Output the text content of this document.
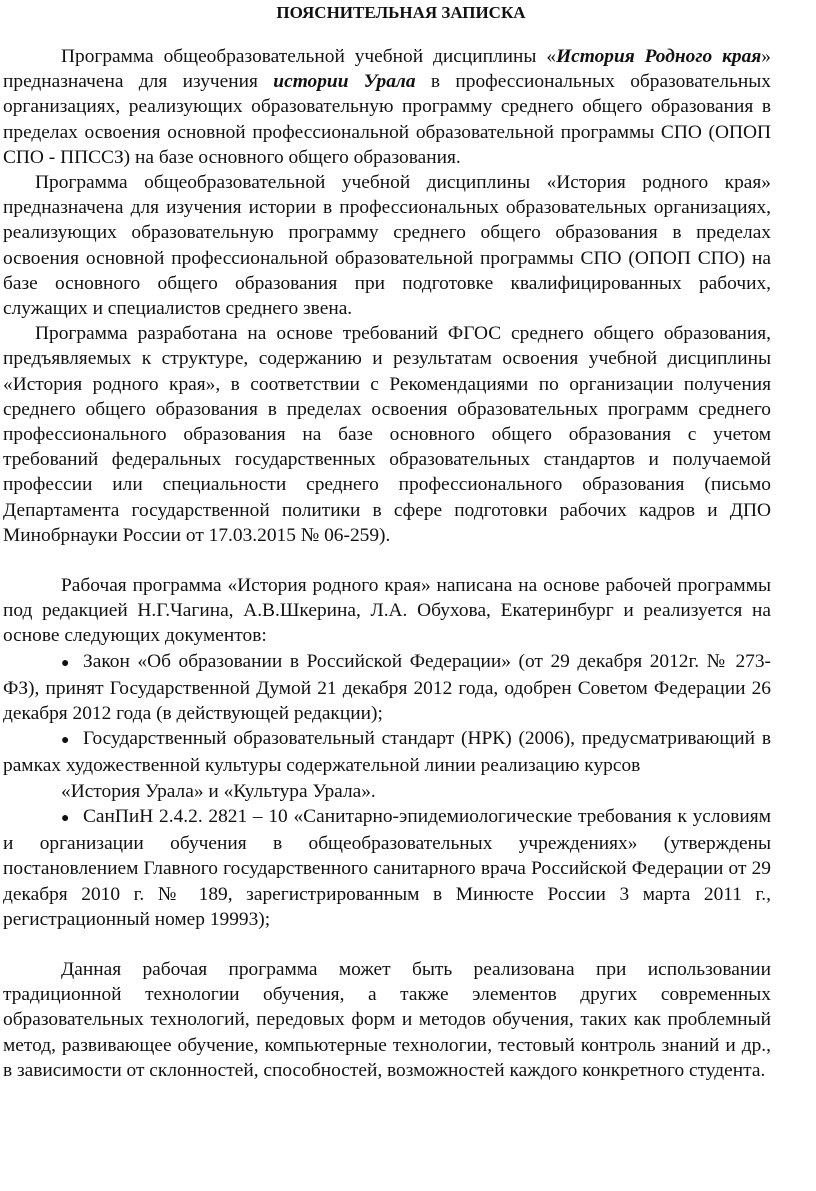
ПОЯСНИТЕЛЬНАЯ ЗАПИСКА

Программа общеобразовательной учебной дисциплины «История Родного края» предназначена для изучения истории Урала в профессиональных образовательных организациях, реализующих образовательную программу среднего общего образования в пределах освоения основной профессиональной образовательной программы СПО (ОПОП СПО - ППССЗ) на базе основного общего образования.

Программа общеобразовательной учебной дисциплины «История родного края» предназначена для изучения истории в профессиональных образовательных организациях, реализующих образовательную программу среднего общего образования в пределах освоения основной профессиональной образовательной программы СПО (ОПОП СПО) на базе основного общего образования при подготовке квалифицированных рабочих, служащих и специалистов среднего звена.

Программа разработана на основе требований ФГОС среднего общего образования, предъявляемых к структуре, содержанию и результатам освоения учебной дисциплины «История родного края», в соответствии с Рекомендациями по организации получения среднего общего образования в пределах освоения образовательных программ среднего профессионального образования на базе основного общего образования с учетом требований федеральных государственных образовательных стандартов и получаемой профессии или специальности среднего профессионального образования (письмо Департамента государственной политики в сфере подготовки рабочих кадров и ДПО Минобрнауки России от 17.03.2015 № 06-259).

Рабочая программа «История родного края» написана на основе рабочей программы под редакцией Н.Г.Чагина, А.В.Шкерина, Л.А. Обухова, Екатеринбург и реализуется на основе следующих документов:

● Закон «Об образовании в Российской Федерации» (от 29 декабря 2012г. № 273- ФЗ), принят Государственной Думой 21 декабря 2012 года, одобрен Советом Федерации 26 декабря 2012 года (в действующей редакции);
● Государственный образовательный стандарт (НРК) (2006), предусматривающий в рамках художественной культуры содержательной линии реализацию курсов
«История Урала» и «Культура Урала».
● СанПиН 2.4.2. 2821 – 10 «Санитарно-эпидемиологические требования к условиям и организации обучения в общеобразовательных учреждениях» (утверждены постановлением Главного государственного санитарного врача Российской Федерации от 29 декабря 2010 г. № 189, зарегистрированным в Минюсте России 3 марта 2011 г., регистрационный номер 19993);

Данная рабочая программа может быть реализована при использовании традиционной технологии обучения, а также элементов других современных образовательных технологий, передовых форм и методов обучения, таких как проблемный метод, развивающее обучение, компьютерные технологии, тестовый контроль знаний и др., в зависимости от склонностей, способностей, возможностей каждого конкретного студента.
